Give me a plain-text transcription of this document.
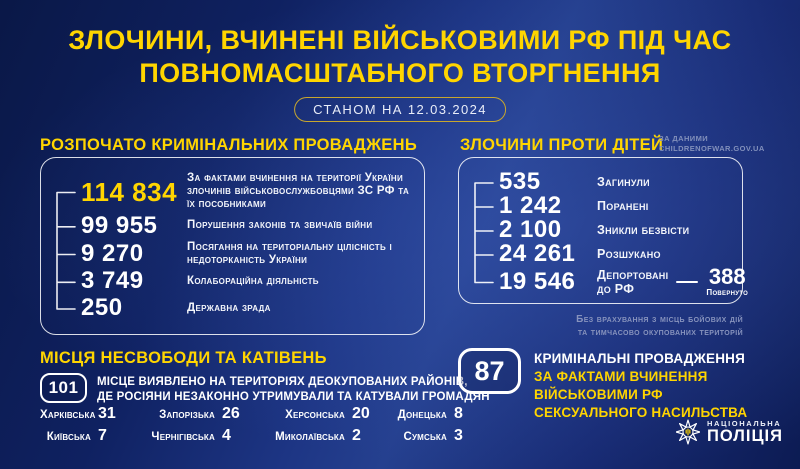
ЗЛОЧИНИ, ВЧИНЕНІ ВІЙСЬКОВИМИ РФ ПІД ЧАС
ПОВНОМАСШТАБНОГО ВТОРГНЕННЯ
СТАНОМ НА 12.03.2024
РОЗПОЧАТО КРИМІНАЛЬНИХ ПРОВАДЖЕНЬ	ЗЛОЧИНИ ПРОТИ ДІТЕЙ
ЗА ДАНИМИ
CHILDRENOFWAR.GOV.UA
114 834 За фактами вчинення на території України злочинів військовослужбовцями ЗС РФ та їх пособниками
99 955	Порушення законів та звичаїв війни
9 270	Посягання на територіальну цілісність і недоторканість України
3 749	Колабораційна діяльність
250	Державна зрада
535	Загинули
1 242	Поранені
2 100	Зникли безвісти
24 261	Розшукано
19 546	Депортовані до РФ	388
Повернуто
Без врахування з місць бойових дій
та тимчасово окупованих територій
МІСЦЯ НЕСВОБОДИ ТА КАТІВЕНЬ
101	МІСЦЕ ВИЯВЛЕНО НА ТЕРИТОРІЯХ ДЕОКУПОВАНИХ РАЙОНІВ,
ДЕ РОСІЯНИ НЕЗАКОННО УТРИМУВАЛИ ТА КАТУВАЛИ ГРОМАДЯН
Харківська 31	Запорізька 26	Херсонська 20	Донецька 8
Київська 7	Чернігівська 4	Миколаївська 2	Сумська 3
87	КРИМІНАЛЬНІ ПРОВАДЖЕННЯ
ЗА ФАКТАМИ ВЧИНЕННЯ
ВІЙСЬКОВИМИ РФ
СЕКСУАЛЬНОГО НАСИЛЬСТВА
НАЦІОНАЛЬНА
ПОЛІЦІЯ
